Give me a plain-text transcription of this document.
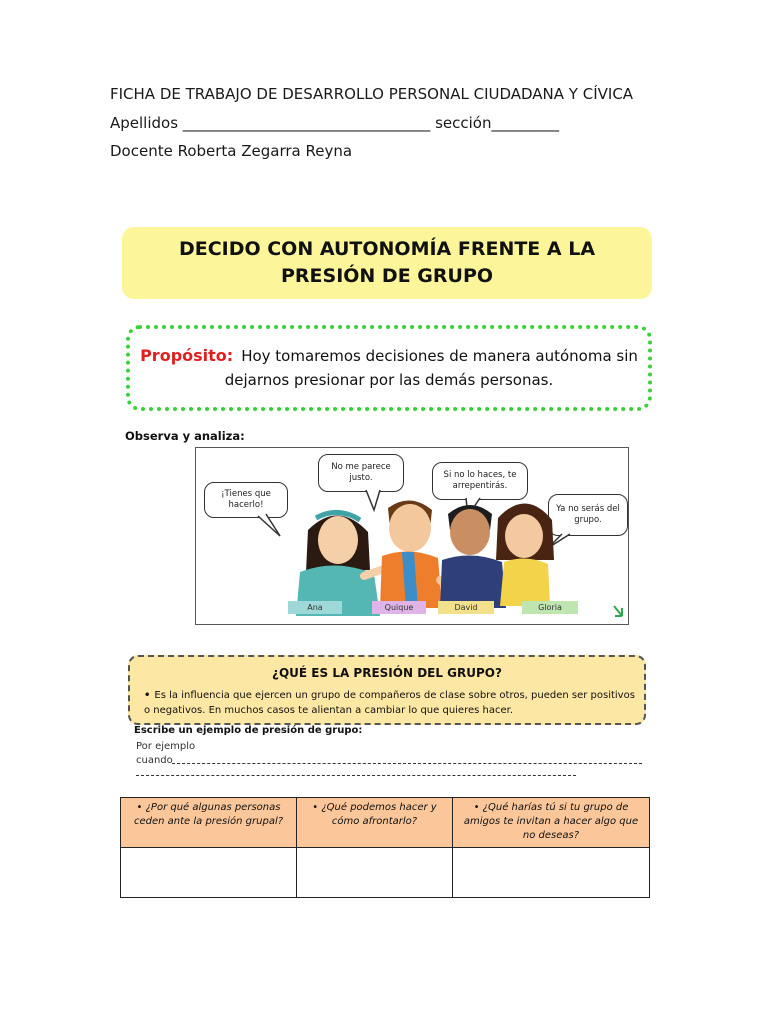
FICHA DE TRABAJO DE DESARROLLO PERSONAL CIUDADANA Y CÍVICA
Apellidos _________________________________ sección_________
Docente Roberta Zegarra Reyna
DECIDO CON AUTONOMÍA FRENTE A LA
PRESIÓN DE GRUPO
Propósito: Hoy tomaremos decisiones de manera autónoma sin
dejarnos presionar por las demás personas.
Observa y analiza:
¡Tienes que hacerlo!
No me parece justo.	Si no lo haces, te arrepentirás.
Ya no serás del grupo.
Ana	Quique	David	Gloria
¿QUÉ ES LA PRESIÓN DEL GRUPO?
• Es la influencia que ejercen un grupo de compañeros de clase sobre otros, pueden ser positivos o negativos. En muchos casos te alientan a cambiar lo que quieres hacer.
Escribe un ejemplo de presión de grupo:
Por ejemplo
cuando
• ¿Por qué algunas personas ceden ante la presión grupal?	• ¿Qué podemos hacer y cómo afrontarlo?	• ¿Qué harías tú si tu grupo de amigos te invitan a hacer algo que no deseas?
